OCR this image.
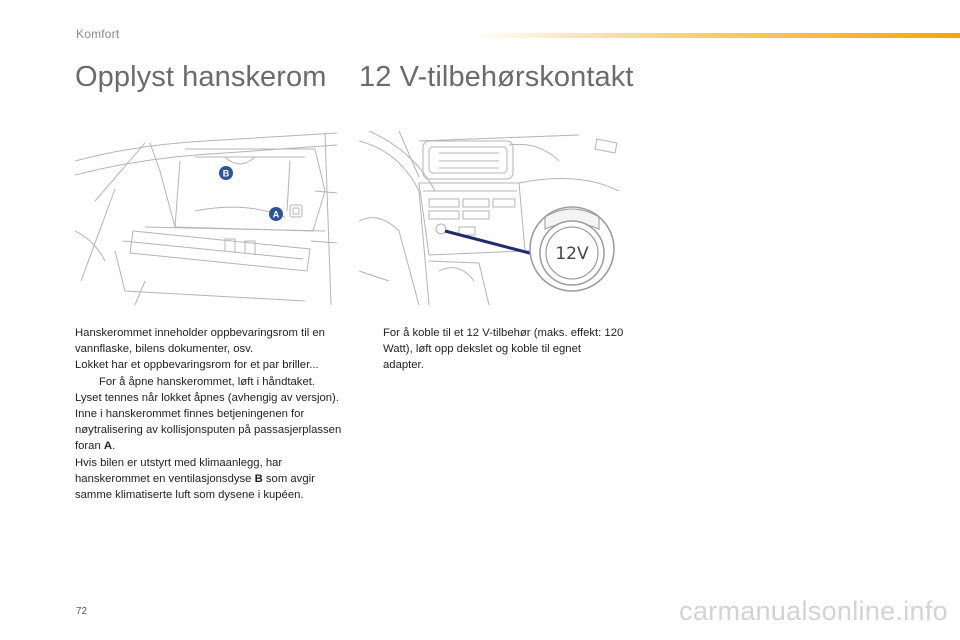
Komfort
Opplyst hanskerom 12 V-tilbehørskontakt
B
A
12V

Hanskerommet inneholder oppbevaringsrom til en vannflaske, bilens dokumenter, osv.

Lokket har et oppbevaringsrom for et par briller...

For å åpne hanskerommet, løft i håndtaket.

Lyset tennes når lokket åpnes (avhengig av versjon).

Inne i hanskerommet finnes betjeningenen for nøytralisering av kollisjonsputen på passasjerplassen foran A.

Hvis bilen er utstyrt med klimaanlegg, har hanskerommet en ventilasjonsdyse B som avgir samme klimatiserte luft som dysene i kupéen.

For å koble til et 12 V-tilbehør (maks. effekt: 120 Watt), løft opp dekslet og koble til egnet adapter.

72	carmanualsonline.info
